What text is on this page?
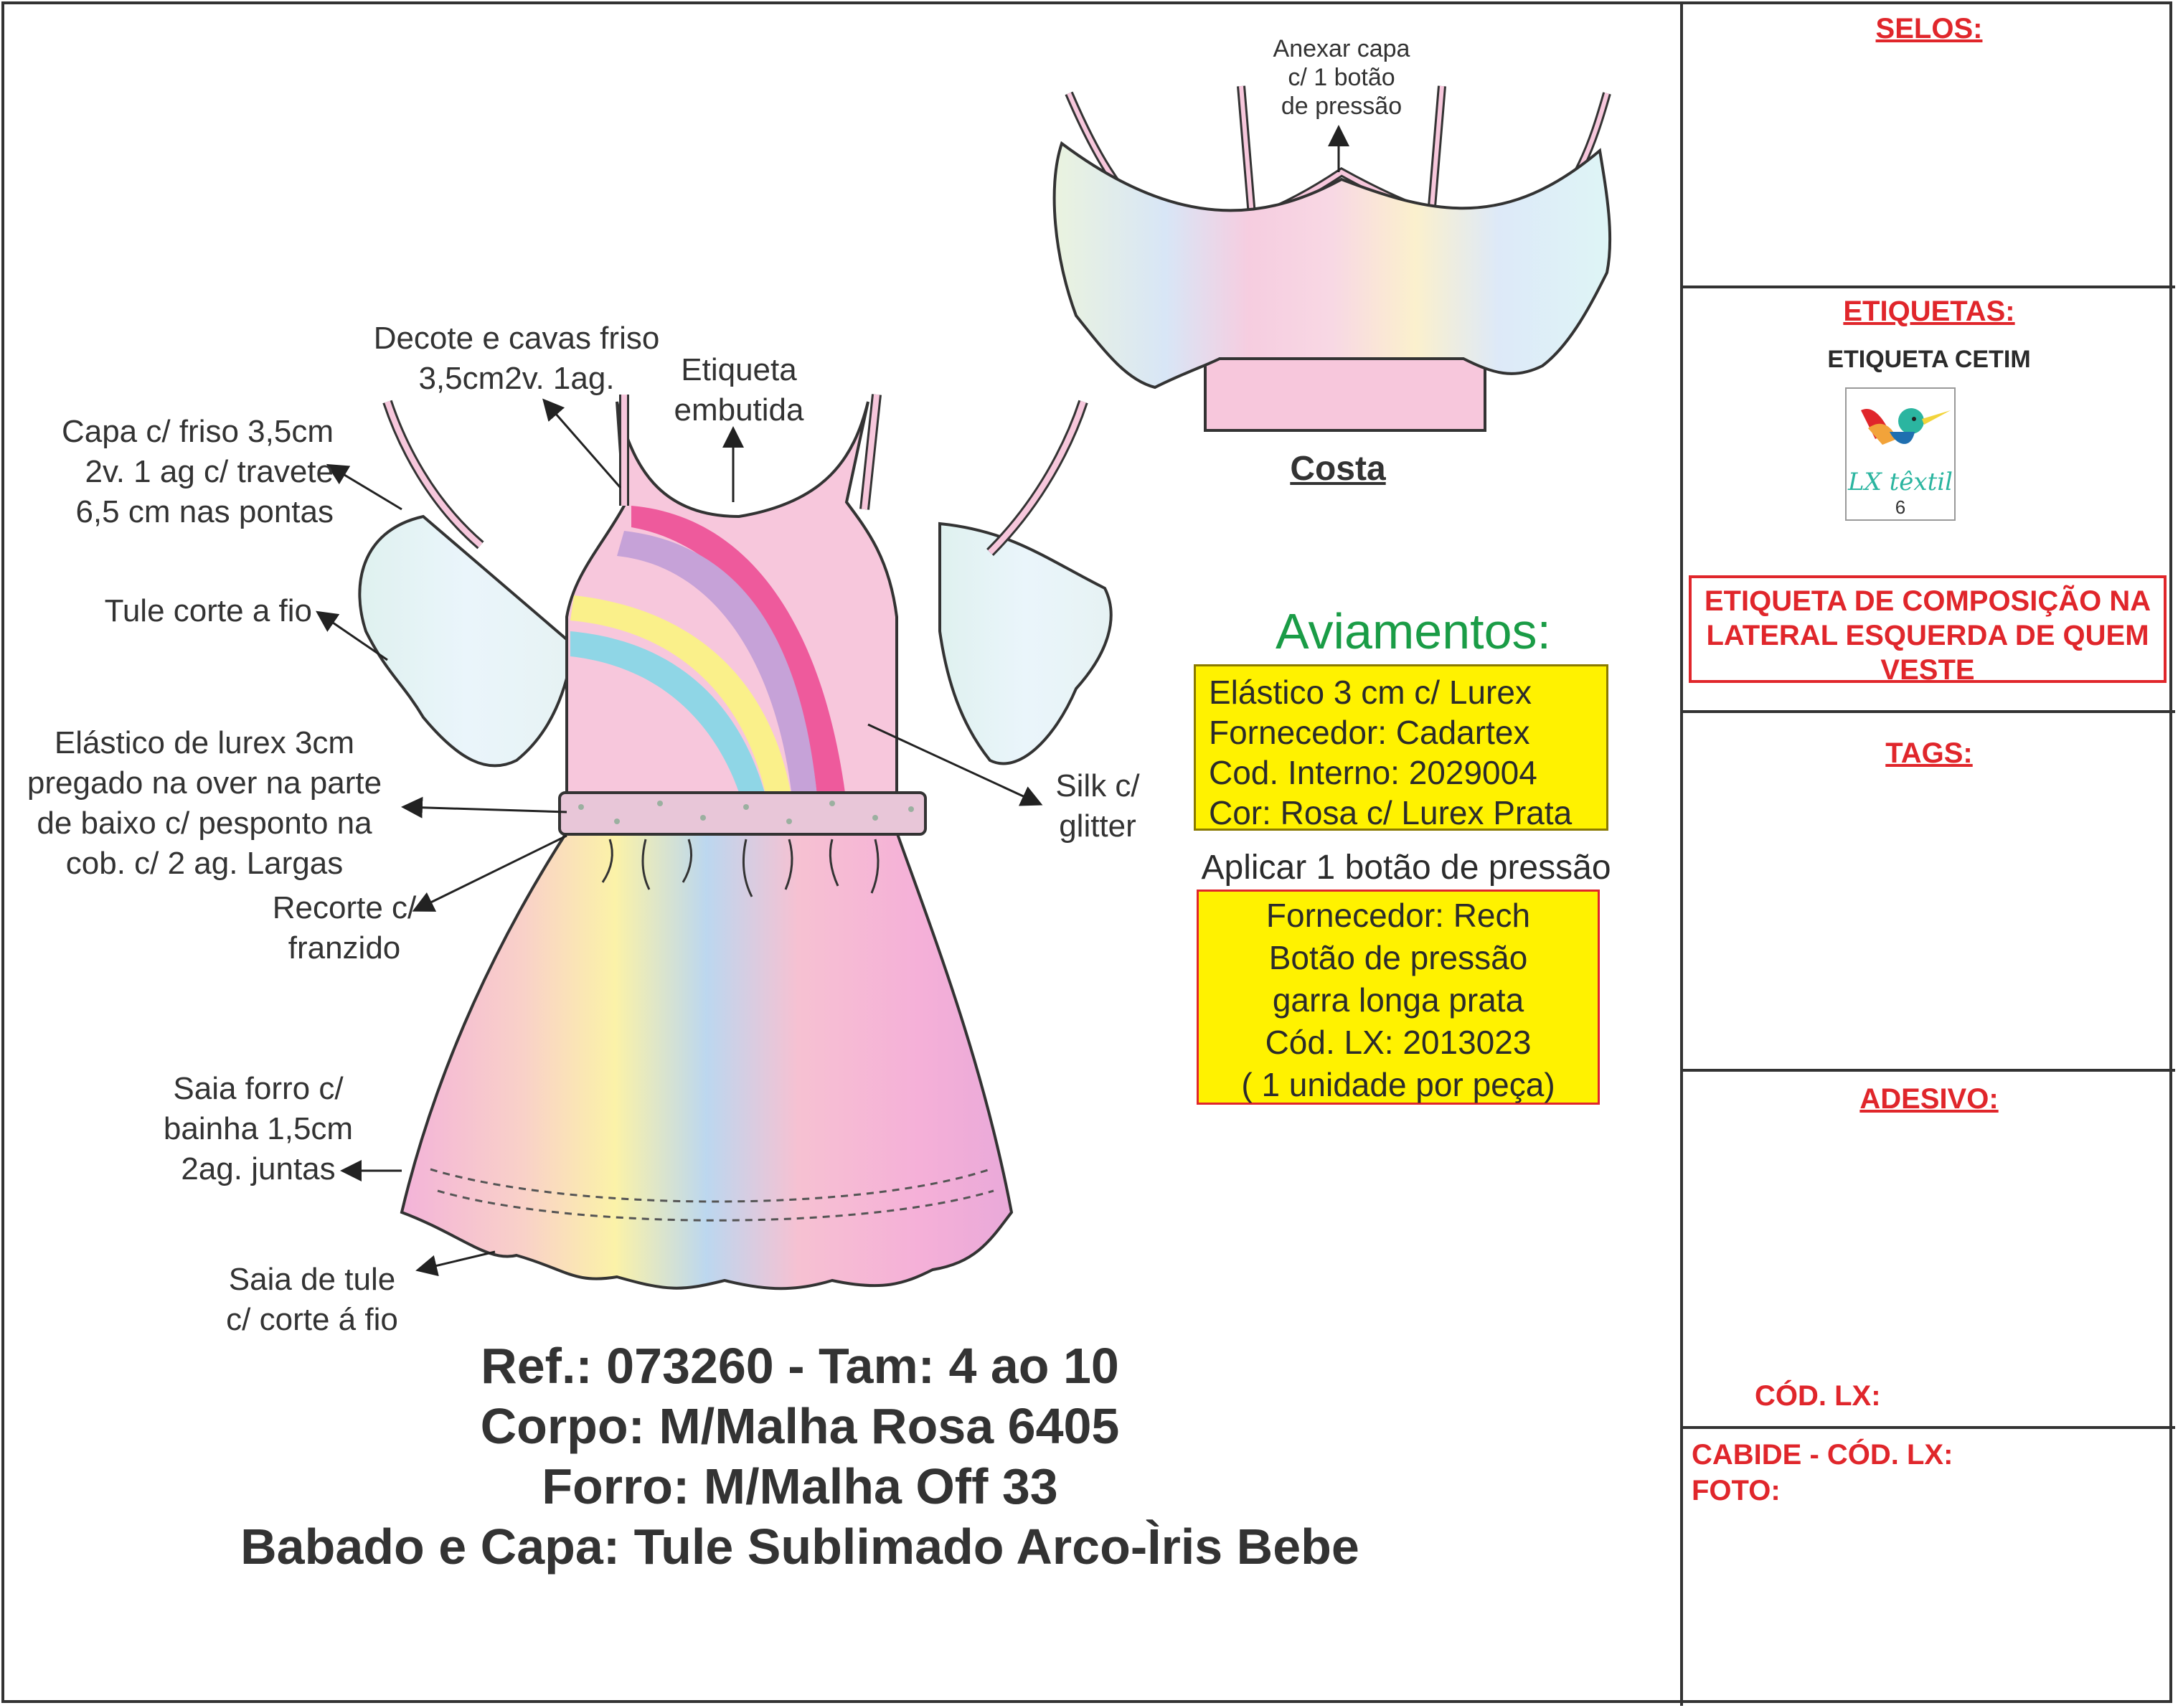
Decote e cavas friso
3,5cm2v. 1ag.	Etiqueta
embutida
Capa c/ friso 3,5cm
2v. 1 ag c/ travete
6,5 cm nas pontas
Tule corte a fio
Elástico de lurex 3cm
pregado na over na parte
de baixo c/ pesponto na
cob. c/ 2 ag. Largas
Recorte c/
franzido
Silk c/
glitter
Saia forro c/
bainha 1,5cm
2ag. juntas
Saia de tule
c/ corte á fio
Anexar capa
c/ 1 botão
de pressão
Costa
Aviamentos:
Elástico 3 cm c/ Lurex
Fornecedor: Cadartex
Cod. Interno: 2029004
Cor: Rosa c/ Lurex Prata
Aplicar 1 botão de pressão
Fornecedor: Rech
Botão de pressão
garra longa prata
Cód. LX: 2013023
( 1 unidade por peça)
Ref.: 073260 - Tam: 4 ao 10
Corpo: M/Malha Rosa 6405
Forro: M/Malha Off 33
Babado e Capa: Tule Sublimado Arco-Ìris Bebe
SELOS:
ETIQUETAS:
ETIQUETA CETIM
LX têxtil
6
ETIQUETA DE COMPOSIÇÃO NA LATERAL ESQUERDA DE QUEM VESTE
TAGS:
ADESIVO:
CÓD. LX:
CABIDE - CÓD. LX:
FOTO:
